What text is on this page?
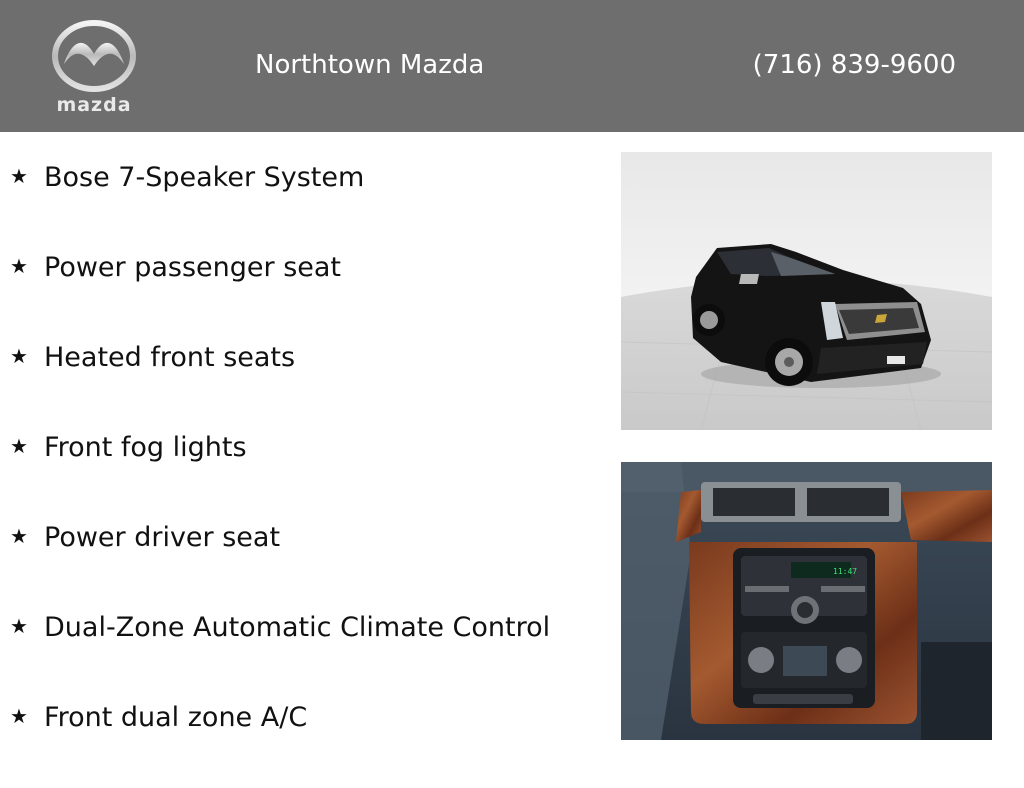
mazda
Northtown Mazda	(716) 839-9600
★ Bose 7-Speaker System
★ Power passenger seat
★ Heated front seats
★ Front fog lights
★ Power driver seat
★ Dual-Zone Automatic Climate Control
★ Front dual zone A/C
11:47
